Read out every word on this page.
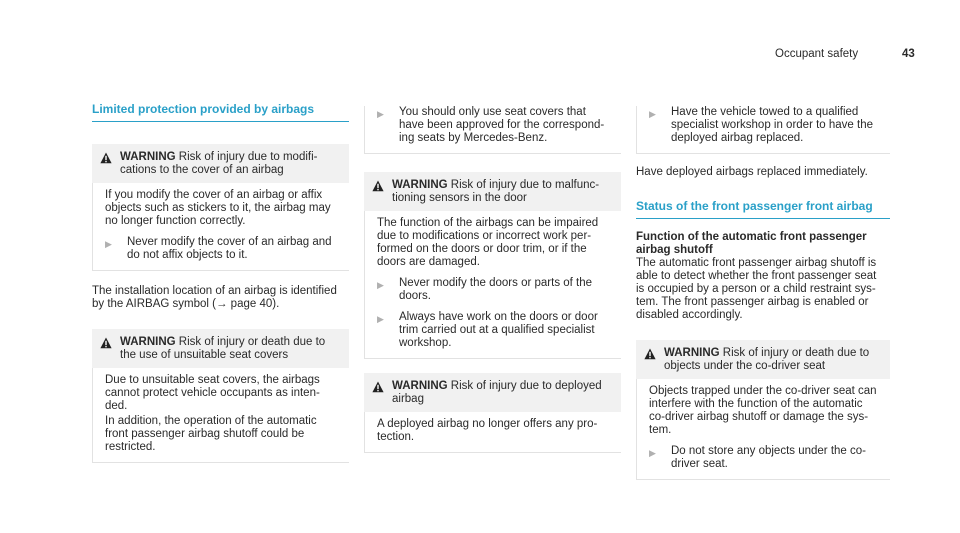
Occupant safety	43
Limited protection provided by airbags
WARNING Risk of injury due to modifi-
cations to the cover of an airbag

If you modify the cover of an airbag or affix

objects such as stickers to it, the airbag may

no longer function correctly.

▶	Never modify the cover of an airbag and

do not affix objects to it.

The installation location of an airbag is identified

by the AIRBAG symbol (→ page 40).

WARNING Risk of injury or death due to
the use of unsuitable seat covers

Due to unsuitable seat covers, the airbags

cannot protect vehicle occupants as inten-

ded.

In addition, the operation of the automatic

front passenger airbag shutoff could be

restricted.

▶	You should only use seat covers that

have been approved for the correspond-

ing seats by Mercedes-Benz.

WARNING Risk of injury due to malfunc-
tioning sensors in the door

The function of the airbags can be impaired

due to modifications or incorrect work per-

formed on the doors or door trim, or if the

doors are damaged.

▶	Never modify the doors or parts of the

doors.

▶	Always have work on the doors or door

trim carried out at a qualified specialist

workshop.

WARNING Risk of injury due to deployed
airbag

A deployed airbag no longer offers any pro-

tection.

▶	Have the vehicle towed to a qualified

specialist workshop in order to have the

deployed airbag replaced.

Have deployed airbags replaced immediately.

Status of the front passenger front airbag

Function of the automatic front passenger

airbag shutoff

The automatic front passenger airbag shutoff is

able to detect whether the front passenger seat

is occupied by a person or a child restraint sys-

tem. The front passenger airbag is enabled or

disabled accordingly.

WARNING Risk of injury or death due to
objects under the co-driver seat

Objects trapped under the co-driver seat can

interfere with the function of the automatic

co-driver airbag shutoff or damage the sys-

tem.

▶	Do not store any objects under the co-

driver seat.
